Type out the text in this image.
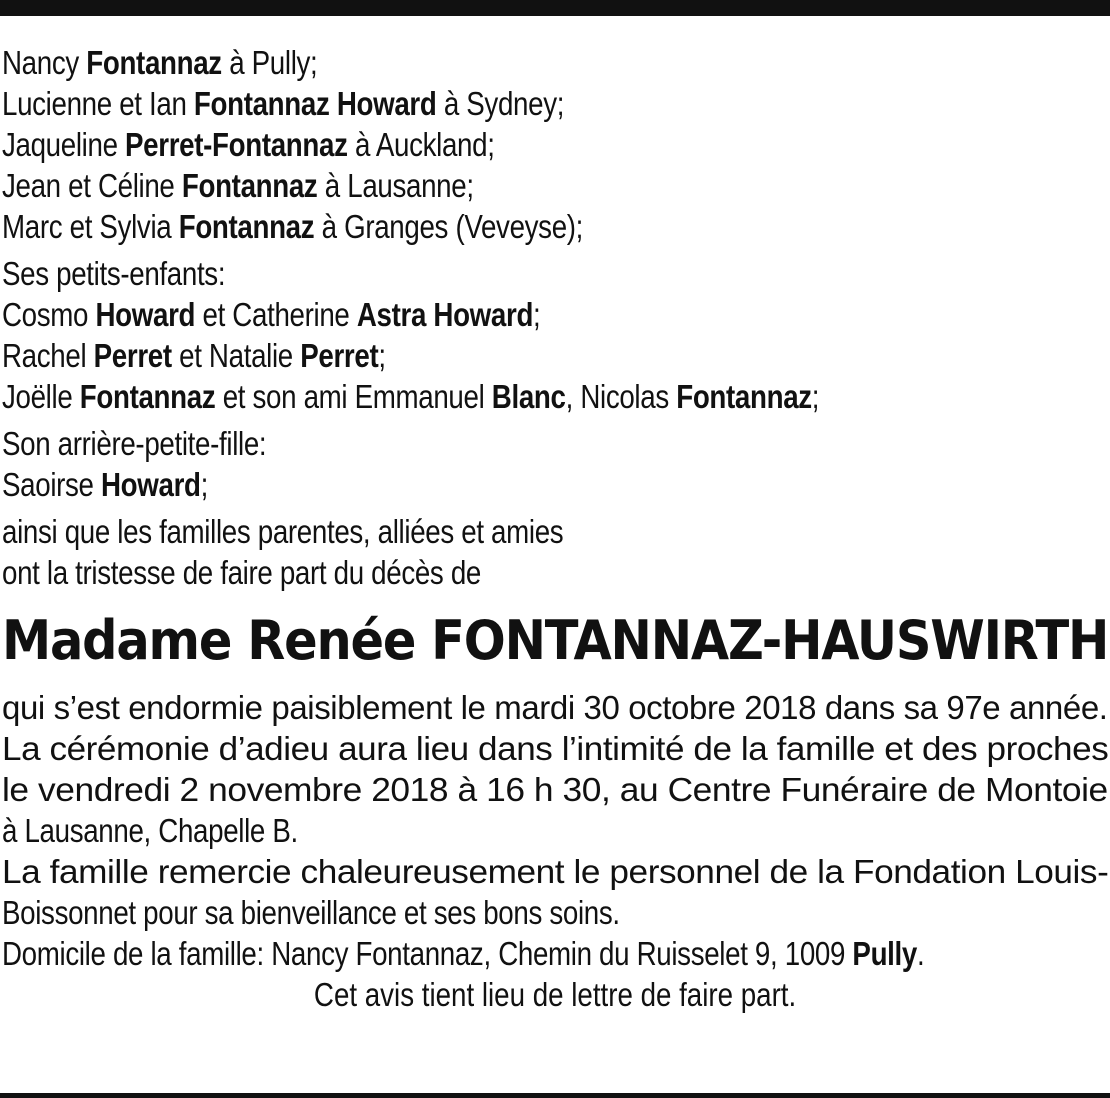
Nancy Fontannaz à Pully;
Lucienne et Ian Fontannaz Howard à Sydney;
Jaqueline Perret-Fontannaz à Auckland;
Jean et Céline Fontannaz à Lausanne;
Marc et Sylvia Fontannaz à Granges (Veveyse);
Ses petits-enfants:
Cosmo Howard et Catherine Astra Howard;
Rachel Perret et Natalie Perret;
Joëlle Fontannaz et son ami Emmanuel Blanc, Nicolas Fontannaz;
Son arrière-petite-fille:
Saoirse Howard;
ainsi que les familles parentes, alliées et amies
ont la tristesse de faire part du décès de
Madame Renée FONTANNAZ-HAUSWIRTH
qui s’est endormie paisiblement le mardi 30 octobre 2018 dans sa 97e année.
La cérémonie d’adieu aura lieu dans l’intimité de la famille et des proches
le vendredi 2 novembre 2018 à 16 h 30, au Centre Funéraire de Montoie
à Lausanne, Chapelle B.
La famille remercie chaleureusement le personnel de la Fondation Louis-
Boissonnet pour sa bienveillance et ses bons soins.
Domicile de la famille: Nancy Fontannaz, Chemin du Ruisselet 9, 1009 Pully.
Cet avis tient lieu de lettre de faire part.
